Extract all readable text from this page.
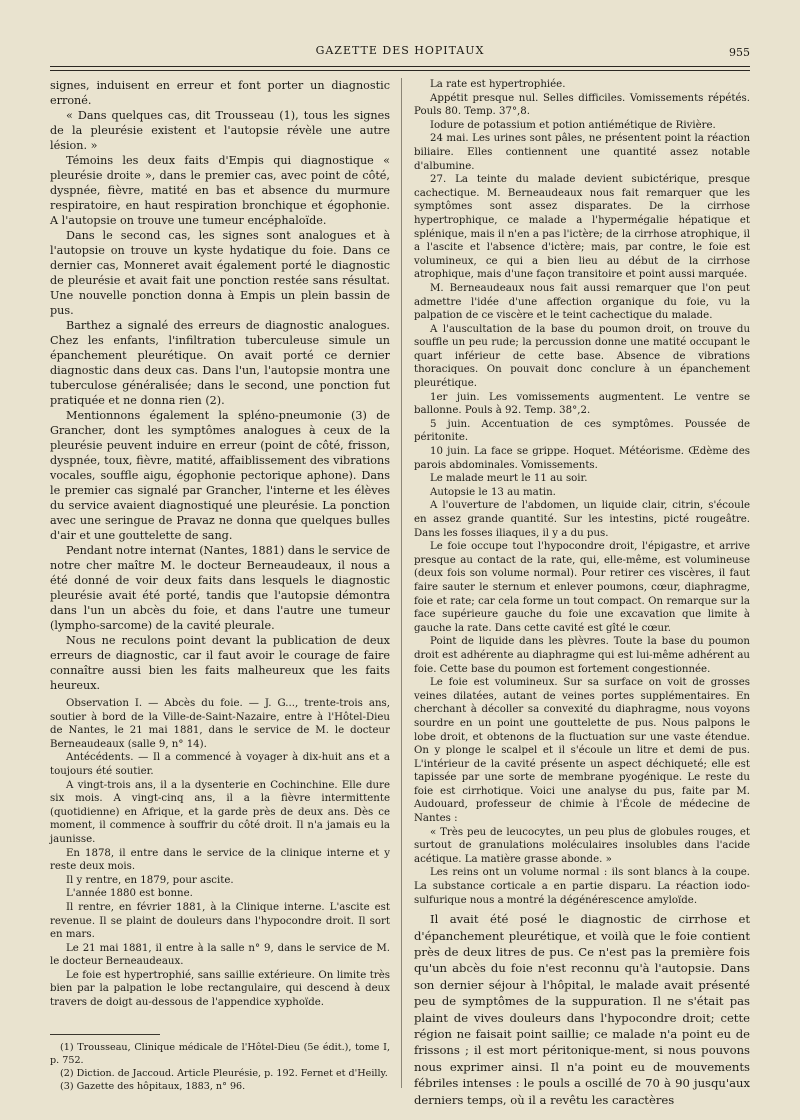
GAZETTE DES HOPITAUX	955

signes, induisent en erreur et font porter un diagnostic erroné.

« Dans quelques cas, dit Trousseau (1), tous les signes de la pleurésie existent et l'autopsie révèle une autre lésion. »

Témoins les deux faits d'Empis qui diagnostique « pleurésie droite », dans le premier cas, avec point de côté, dyspnée, fièvre, matité en bas et absence du murmure respiratoire, en haut respiration bronchique et égophonie. A l'autopsie on trouve une tumeur encéphaloïde.

Dans le second cas, les signes sont analogues et à l'autopsie on trouve un kyste hydatique du foie. Dans ce dernier cas, Monneret avait également porté le diagnostic de pleurésie et avait fait une ponction restée sans résultat. Une nouvelle ponction donna à Empis un plein bassin de pus.

Barthez a signalé des erreurs de diagnostic analogues. Chez les enfants, l'infiltration tuberculeuse simule un épanchement pleurétique. On avait porté ce dernier diagnostic dans deux cas. Dans l'un, l'autopsie montra une tuberculose généralisée; dans le second, une ponction fut pratiquée et ne donna rien (2).

Mentionnons également la spléno-pneumonie (3) de Grancher, dont les symptômes analogues à ceux de la pleurésie peuvent induire en erreur (point de côté, frisson, dyspnée, toux, fièvre, matité, affaiblissement des vibrations vocales, souffle aigu, égophonie pectorique aphone). Dans le premier cas signalé par Grancher, l'interne et les élèves du service avaient diagnostiqué une pleurésie. La ponction avec une seringue de Pravaz ne donna que quelques bulles d'air et une gouttelette de sang.

Pendant notre internat (Nantes, 1881) dans le service de notre cher maître M. le docteur Berneaudeaux, il nous a été donné de voir deux faits dans lesquels le diagnostic pleurésie avait été porté, tandis que l'autopsie démontra dans l'un un abcès du foie, et dans l'autre une tumeur (lympho-sarcome) de la cavité pleurale.

Nous ne reculons point devant la publication de deux erreurs de diagnostic, car il faut avoir le courage de faire connaître aussi bien les faits malheureux que les faits heureux.

Observation I. — Abcès du foie. — J. G..., trente-trois ans, soutier à bord de la Ville-de-Saint-Nazaire, entre à l'Hôtel-Dieu de Nantes, le 21 mai 1881, dans le service de M. le docteur Berneaudeaux (salle 9, n° 14).

Antécédents. — Il a commencé à voyager à dix-huit ans et a toujours été soutier.

A vingt-trois ans, il a la dysenterie en Cochinchine. Elle dure six mois. A vingt-cinq ans, il a la fièvre intermittente (quotidienne) en Afrique, et la garde près de deux ans. Dès ce moment, il commence à souffrir du côté droit. Il n'a jamais eu la jaunisse.

En 1878, il entre dans le service de la clinique interne et y reste deux mois.

Il y rentre, en 1879, pour ascite.

L'année 1880 est bonne.

Il rentre, en février 1881, à la Clinique interne. L'ascite est revenue. Il se plaint de douleurs dans l'hypocondre droit. Il sort en mars.

Le 21 mai 1881, il entre à la salle n° 9, dans le service de M. le docteur Berneaudeaux.

Le foie est hypertrophié, sans saillie extérieure. On limite très bien par la palpation le lobe rectangulaire, qui descend à deux travers de doigt au-dessous de l'appendice xyphoïde.

(1) Trousseau, Clinique médicale de l'Hôtel-Dieu (5e édit.), tome I, p. 752.

(2) Diction. de Jaccoud. Article Pleurésie, p. 192. Fernet et d'Heilly.

(3) Gazette des hôpitaux, 1883, n° 96.

La rate est hypertrophiée.

Appétit presque nul. Selles difficiles. Vomissements répétés. Pouls 80. Temp. 37°,8.

Iodure de potassium et potion antiémétique de Rivière.

24 mai. Les urines sont pâles, ne présentent point la réaction biliaire. Elles contiennent une quantité assez notable d'albumine.

27. La teinte du malade devient subictérique, presque cachectique. M. Berneaudeaux nous fait remarquer que les symptômes sont assez disparates. De la cirrhose hypertrophique, ce malade a l'hypermégalie hépatique et splénique, mais il n'en a pas l'ictère; de la cirrhose atrophique, il a l'ascite et l'absence d'ictère; mais, par contre, le foie est volumineux, ce qui a bien lieu au début de la cirrhose atrophique, mais d'une façon transitoire et point aussi marquée.

M. Berneaudeaux nous fait aussi remarquer que l'on peut admettre l'idée d'une affection organique du foie, vu la palpation de ce viscère et le teint cachectique du malade.

A l'auscultation de la base du poumon droit, on trouve du souffle un peu rude; la percussion donne une matité occupant le quart inférieur de cette base. Absence de vibrations thoraciques. On pouvait donc conclure à un épanchement pleurétique.

1er juin. Les vomissements augmentent. Le ventre se ballonne. Pouls à 92. Temp. 38°,2.

5 juin. Accentuation de ces symptômes. Poussée de péritonite.

10 juin. La face se grippe. Hoquet. Météorisme. Œdème des parois abdominales. Vomissements.

Le malade meurt le 11 au soir.

Autopsie le 13 au matin.

A l'ouverture de l'abdomen, un liquide clair, citrin, s'écoule en assez grande quantité. Sur les intestins, picté rougeâtre. Dans les fosses iliaques, il y a du pus.

Le foie occupe tout l'hypocondre droit, l'épigastre, et arrive presque au contact de la rate, qui, elle-même, est volumineuse (deux fois son volume normal). Pour retirer ces viscères, il faut faire sauter le sternum et enlever poumons, cœur, diaphragme, foie et rate; car cela forme un tout compact. On remarque sur la face supérieure gauche du foie une excavation que limite à gauche la rate. Dans cette cavité est gîté le cœur.

Point de liquide dans les plèvres. Toute la base du poumon droit est adhérente au diaphragme qui est lui-même adhérent au foie. Cette base du poumon est fortement congestionnée.

Le foie est volumineux. Sur sa surface on voit de grosses veines dilatées, autant de veines portes supplémentaires. En cherchant à décoller sa convexité du diaphragme, nous voyons sourdre en un point une gouttelette de pus. Nous palpons le lobe droit, et obtenons de la fluctuation sur une vaste étendue. On y plonge le scalpel et il s'écoule un litre et demi de pus. L'intérieur de la cavité présente un aspect déchiqueté; elle est tapissée par une sorte de membrane pyogénique. Le reste du foie est cirrhotique. Voici une analyse du pus, faite par M. Audouard, professeur de chimie à l'École de médecine de Nantes :

« Très peu de leucocytes, un peu plus de globules rouges, et surtout de granulations moléculaires insolubles dans l'acide acétique. La matière grasse abonde. »

Les reins ont un volume normal : ils sont blancs à la coupe. La substance corticale a en partie disparu. La réaction iodo-sulfurique nous a montré la dégénérescence amyloïde.

Il avait été posé le diagnostic de cirrhose et d'épanchement pleurétique, et voilà que le foie contient près de deux litres de pus. Ce n'est pas la première fois qu'un abcès du foie n'est reconnu qu'à l'autopsie. Dans son dernier séjour à l'hôpital, le malade avait présenté peu de symptômes de la suppuration. Il ne s'était pas plaint de vives douleurs dans l'hypocondre droit; cette région ne faisait point saillie; ce malade n'a point eu de frissons ; il est mort péritonique-ment, si nous pouvons nous exprimer ainsi. Il n'a point eu de mouvements fébriles intenses : le pouls a oscillé de 70 à 90 jusqu'aux derniers temps, où il a revêtu les caractères
